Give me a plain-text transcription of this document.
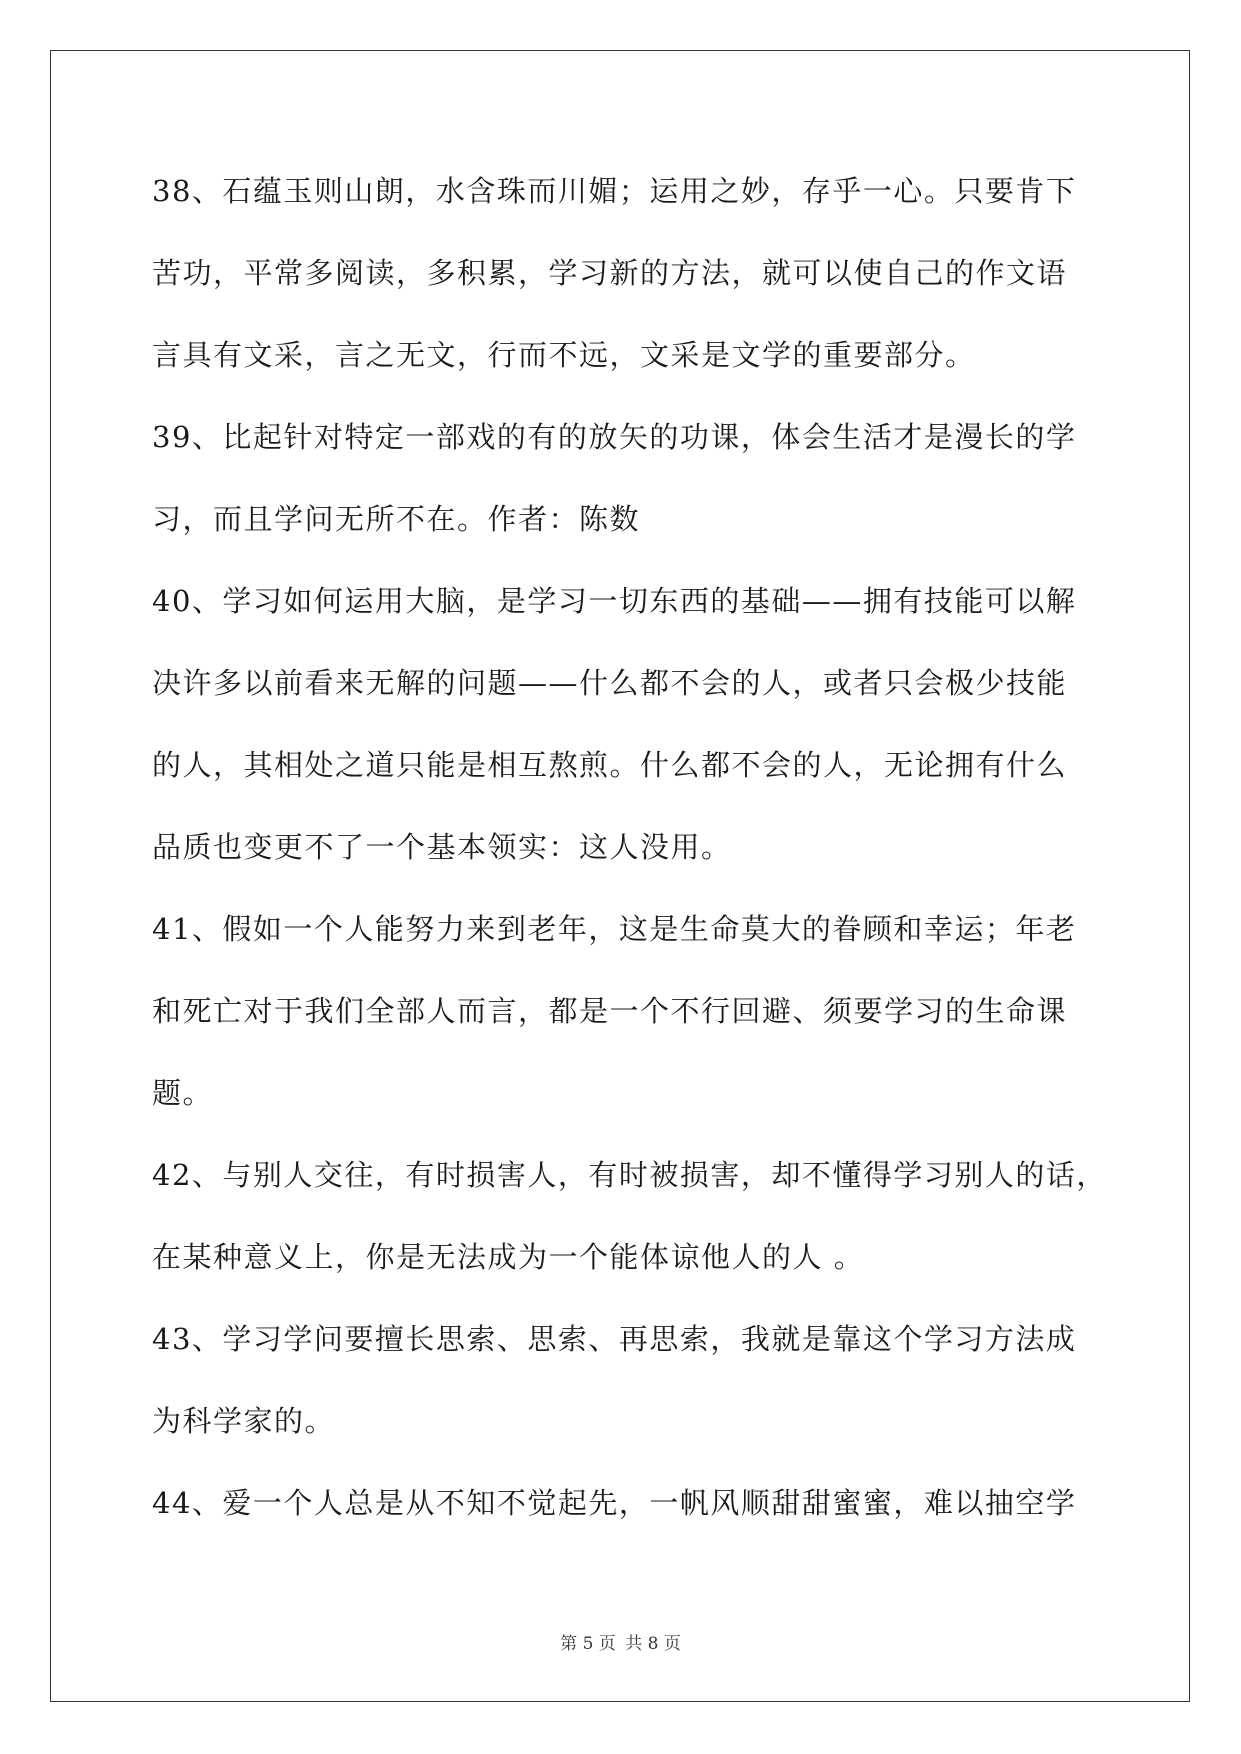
38、石蕴玉则山朗，水含珠而川媚；运用之妙，存乎一心。只要肯下
苦功，平常多阅读，多积累，学习新的方法，就可以使自己的作文语
言具有文采，言之无文，行而不远，文采是文学的重要部分。
39、比起针对特定一部戏的有的放矢的功课，体会生活才是漫长的学
习，而且学问无所不在。作者：陈数
40、学习如何运用大脑，是学习一切东西的基础——拥有技能可以解
决许多以前看来无解的问题——什么都不会的人，或者只会极少技能
的人，其相处之道只能是相互熬煎。什么都不会的人，无论拥有什么
品质也变更不了一个基本领实：这人没用。
41、假如一个人能努力来到老年，这是生命莫大的眷顾和幸运；年老
和死亡对于我们全部人而言，都是一个不行回避、须要学习的生命课
题。
42、与别人交往，有时损害人，有时被损害，却不懂得学习别人的话，
在某种意义上，你是无法成为一个能体谅他人的人 。
43、学习学问要擅长思索、思索、再思索，我就是靠这个学习方法成
为科学家的。
44、爱一个人总是从不知不觉起先，一帆风顺甜甜蜜蜜，难以抽空学
第 5 页 共 8 页
